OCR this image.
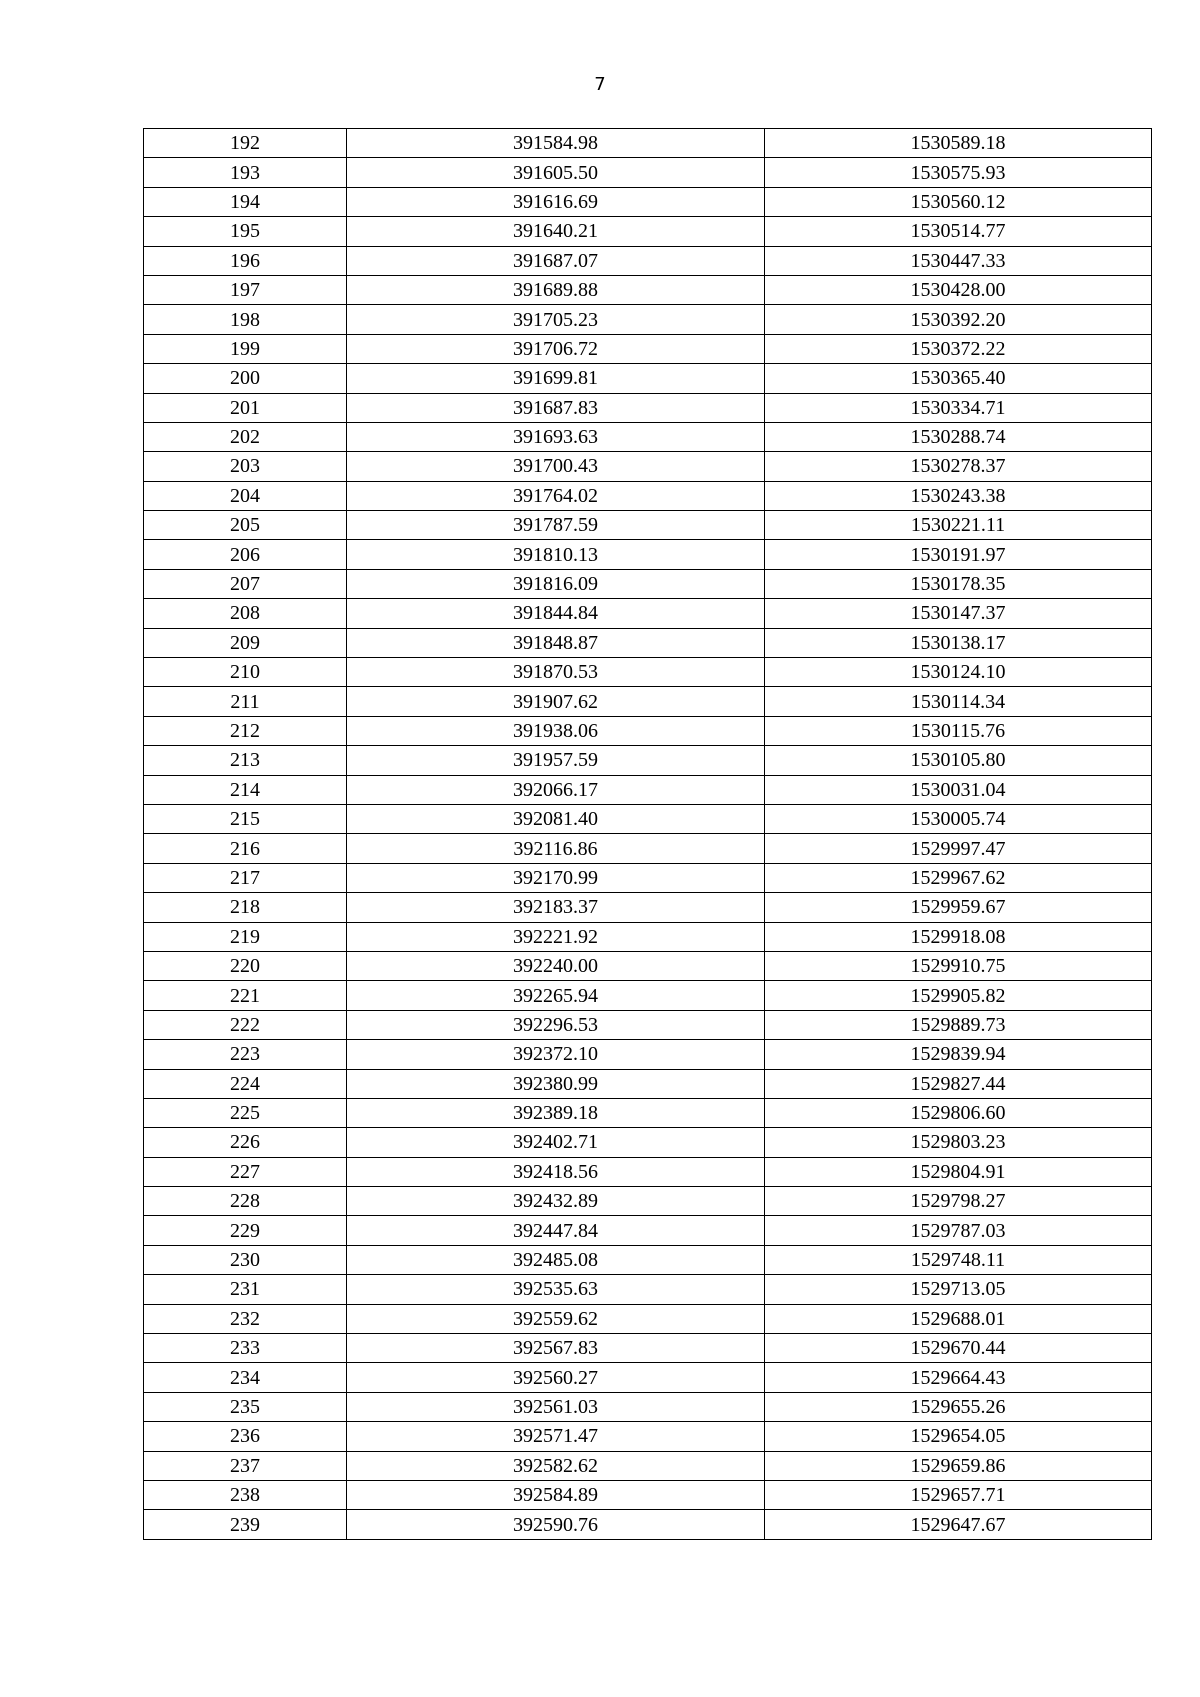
7
192	391584.98	1530589.18
193	391605.50	1530575.93
194	391616.69	1530560.12
195	391640.21	1530514.77
196	391687.07	1530447.33
197	391689.88	1530428.00
198	391705.23	1530392.20
199	391706.72	1530372.22
200	391699.81	1530365.40
201	391687.83	1530334.71
202	391693.63	1530288.74
203	391700.43	1530278.37
204	391764.02	1530243.38
205	391787.59	1530221.11
206	391810.13	1530191.97
207	391816.09	1530178.35
208	391844.84	1530147.37
209	391848.87	1530138.17
210	391870.53	1530124.10
211	391907.62	1530114.34
212	391938.06	1530115.76
213	391957.59	1530105.80
214	392066.17	1530031.04
215	392081.40	1530005.74
216	392116.86	1529997.47
217	392170.99	1529967.62
218	392183.37	1529959.67
219	392221.92	1529918.08
220	392240.00	1529910.75
221	392265.94	1529905.82
222	392296.53	1529889.73
223	392372.10	1529839.94
224	392380.99	1529827.44
225	392389.18	1529806.60
226	392402.71	1529803.23
227	392418.56	1529804.91
228	392432.89	1529798.27
229	392447.84	1529787.03
230	392485.08	1529748.11
231	392535.63	1529713.05
232	392559.62	1529688.01
233	392567.83	1529670.44
234	392560.27	1529664.43
235	392561.03	1529655.26
236	392571.47	1529654.05
237	392582.62	1529659.86
238	392584.89	1529657.71
239	392590.76	1529647.67
